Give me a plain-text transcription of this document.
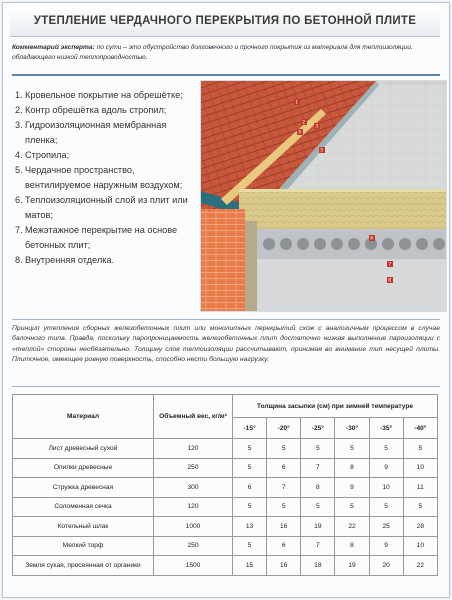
УТЕПЛЕНИЕ ЧЕРДАЧНОГО ПЕРЕКРЫТИЯ ПО БЕТОННОЙ ПЛИТЕ
Комментарий эксперта: по сути – это обустройство долговечного и прочного покрытия из материала для теплоизоляции, обладающего низкой теплопроводностью.
1. Кровельное покрытие на обрешётке;
2. Контр обрешётка вдоль стропил;
3. Гидроизоляционная мембранная пленка;
4. Стропила;
5. Чердачное пространство, вентилируемое наружным воздухом;
6. Теплоизоляционный слой из плит или матов;
7. Межэтажное перекрытие на основе бетонных плит;
8. Внутренняя отделка.
1
2
3
4
5
6
7
8
Принцип утепления сборных железобетонных плит или монолитных перекрытий схож с аналогичным процессом в случае балочного типа. Правда, поскольку паропроницаемость железобетонных плит достаточно низкая выполнение пароизоляции с «теплой» стороны необязательно. Толщину слоя теплоизоляции рассчитывают, принимая во внимание тип несущей плиты. Плиточное, имеющее ровную поверхность, способно нести большую нагрузку.
Материал	Объемный вес, кг/м³	Толщина засыпки (см) при зимней температуре					
		-15°	-20°	-25°	-30°	-35°	-40°
Лист древесный сухой	120	5	5	5	5	5	5
Опилки древесные	250	5	6	7	8	9	10
Стружка древесная	300	6	7	8	9	10	11
Соломенная сечка	120	5	5	5	5	5	5
Котельный шлак	1000	13	16	19	22	25	28
Мелкий торф	250	5	6	7	8	9	10
Земля сухая, просеянная от органики	1500	15	16	18	19	20	22
